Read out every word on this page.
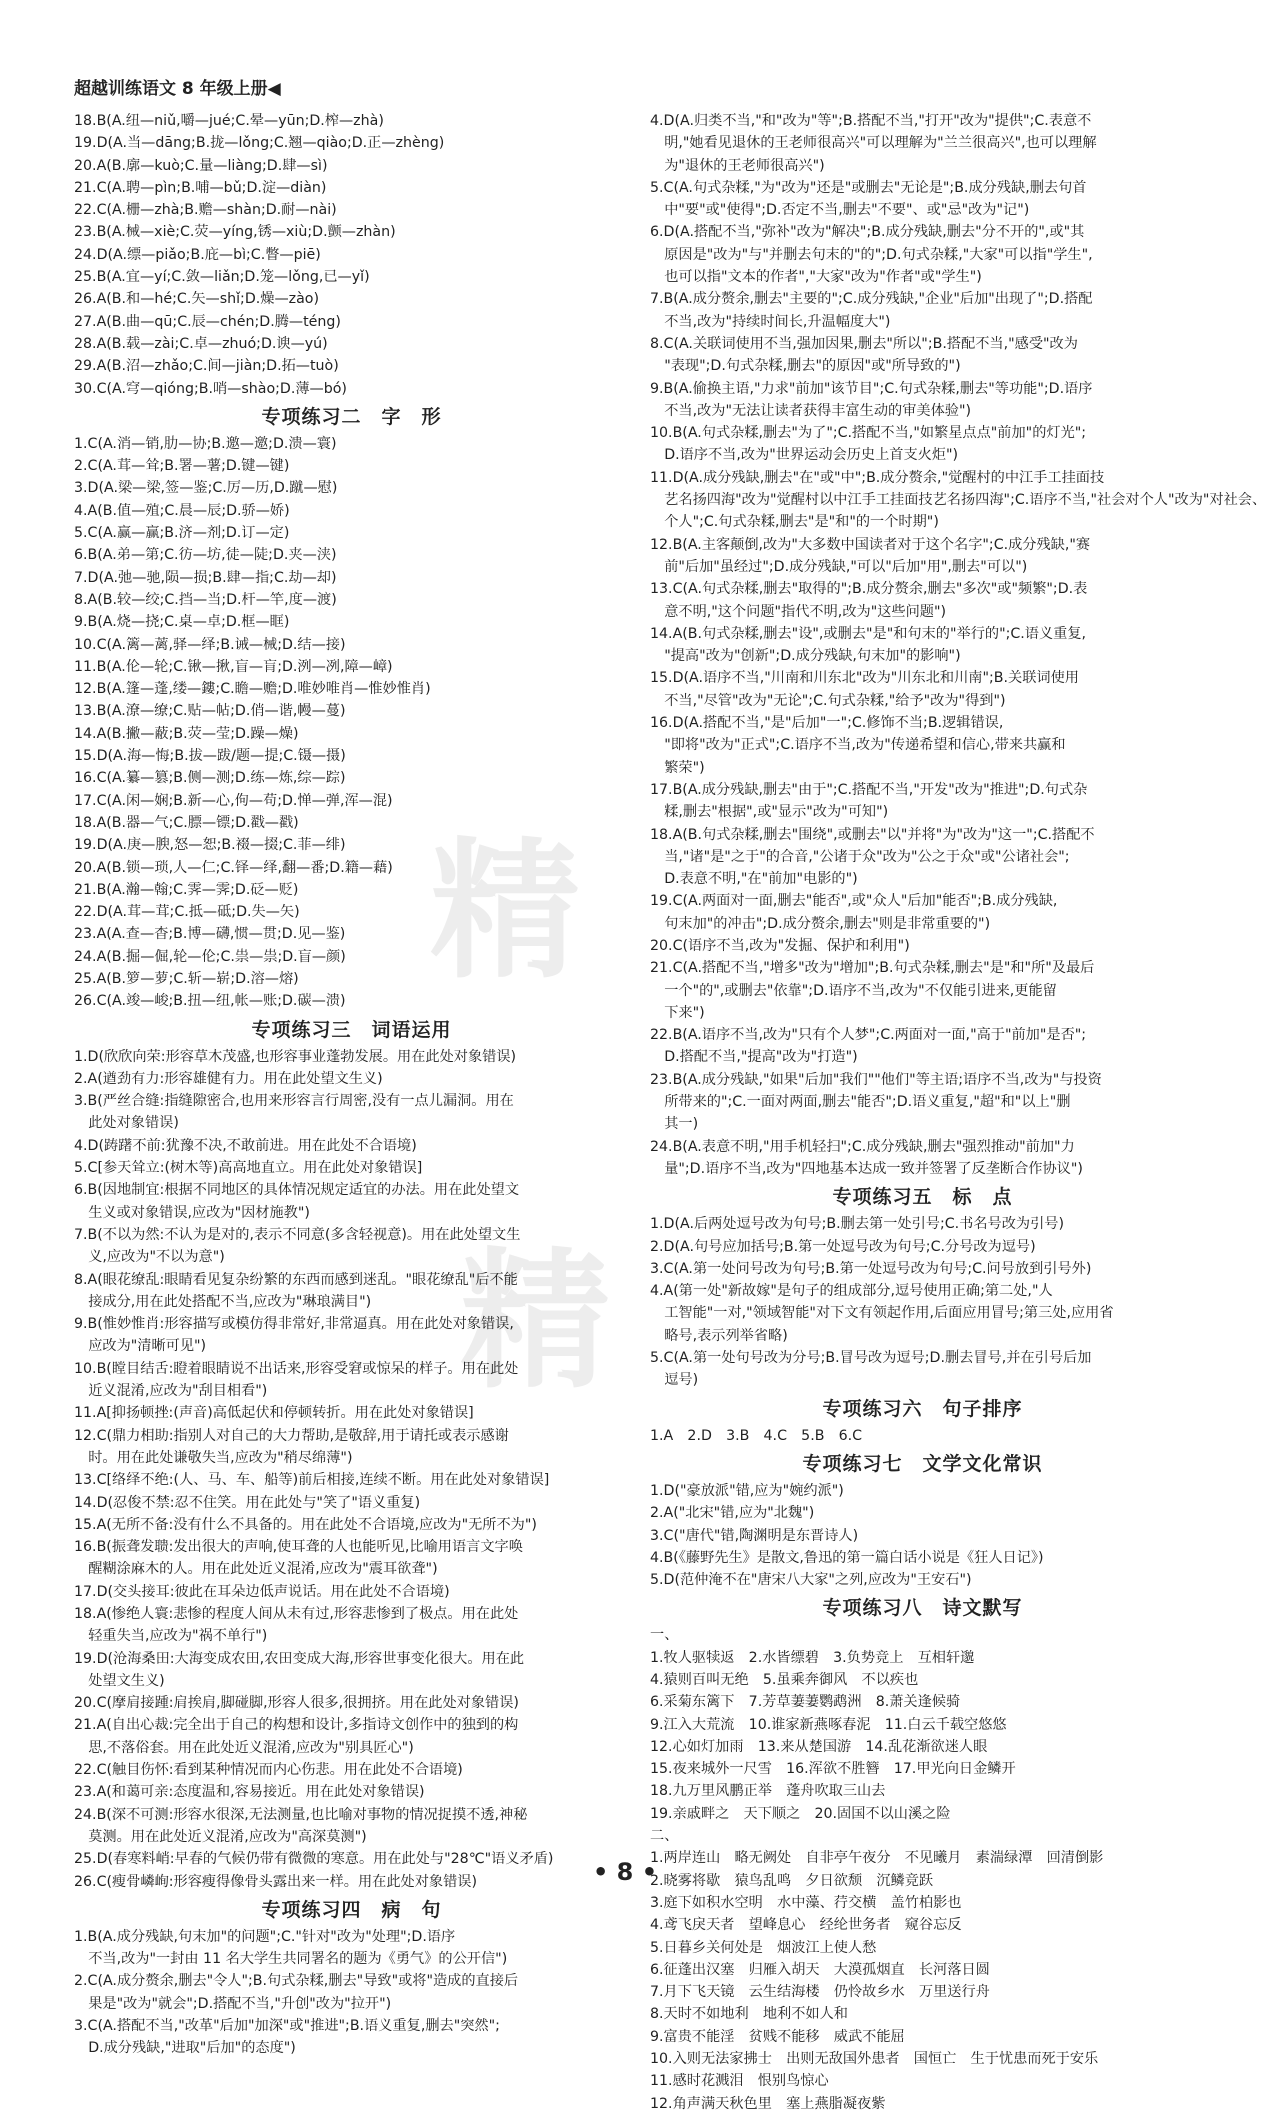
超越训练语文 8 年级上册◀
18.B(A.纽—niǔ,嚼—jué;C.晕—yūn;D.榨—zhà)
19.D(A.当—dāng;B.拢—lǒng;C.翘—qiào;D.正—zhèng)
20.A(B.廓—kuò;C.量—liàng;D.肆—sì)
21.C(A.聘—pìn;B.哺—bǔ;D.淀—diàn)
22.C(A.栅—zhà;B.赡—shàn;D.耐—nài)
23.B(A.械—xiè;C.荧—yíng,锈—xiù;D.颤—zhàn)
24.D(A.缥—piǎo;B.庇—bì;C.瞥—piē)
25.B(A.宜—yí;C.敛—liǎn;D.笼—lǒng,已—yǐ)
26.A(B.和—hé;C.矢—shǐ;D.燥—zào)
27.A(B.曲—qū;C.辰—chén;D.腾—téng)
28.A(B.载—zài;C.卓—zhuó;D.谀—yú)
29.A(B.沼—zhǎo;C.间—jiàn;D.拓—tuò)
30.C(A.穹—qióng;B.哨—shào;D.薄—bó)
专项练习二　字　形
1.C(A.消—销,肋—协;B.邀—邀;D.溃—寰)
2.C(A.茸—耸;B.署—薯;D.键—键)
3.D(A.梁—梁,签—鉴;C.厉—历,D.蹴—慰)
4.A(B.值—殖;C.晨—辰;D.骄—娇)
5.C(A.赢—赢;B.济—剂;D.订—定)
6.B(A.弟—第;C.彷—坊,徒—陡;D.夹—浃)
7.D(A.弛—驰,陨—损;B.肆—指;C.劫—却)
8.A(B.较—绞;C.挡—当;D.杆—竿,度—渡)
9.B(A.烧—挠;C.桌—卓;D.框—眶)
10.C(A.篱—蓠,驿—绎;B.诫—械;D.结—接)
11.B(A.伦—轮;C.锹—揪,盲—肓;D.洌—冽,障—嶂)
12.B(A.篷—蓬,缕—鏤;C.瞻—赡;D.唯妙唯肖—惟妙惟肖)
13.B(A.潦—缭;C.贴—帖;D.俏—谐,幔—蔓)
14.A(B.撇—蔽;B.荧—莹;D.躁—燥)
15.D(A.海—悔;B.拔—跋/题—提;C.镊—摄)
16.C(A.纂—篡;B.侧—测;D.练—炼,综—踪)
17.C(A.闲—娴;B.新—心,佝—苟;D.惮—弹,浑—混)
18.A(B.器—气;C.膘—镖;D.戳—戳)
19.D(A.庚—腴,怒—恕;B.裰—掇;C.菲—绯)
20.A(B.锁—琐,人—仁;C.铎—绎,翻—番;D.籍—藉)
21.B(A.瀚—翰;C.霁—霁;D.砭—贬)
22.D(A.茸—茸;C.抵—砥;D.失—矢)
23.A(A.查—杳;B.博—礴,惯—贯;D.见—鉴)
24.A(B.掘—倔,轮—伦;C.祟—祟;D.盲—颜)
25.A(B.箩—萝;C.斩—崭;D.溶—熔)
26.C(A.竣—峻;B.扭—纽,帐—账;D.碳—溃)
专项练习三　词语运用
1.D(欣欣向荣:形容草木茂盛,也形容事业蓬勃发展。用在此处对象错误)
2.A(遒劲有力:形容雄健有力。用在此处望文生义)
3.B(严丝合缝:指缝隙密合,也用来形容言行周密,没有一点儿漏洞。用在
　此处对象错误)
4.D(踌躇不前:犹豫不决,不敢前进。用在此处不合语境)
5.C[参天耸立:(树木等)高高地直立。用在此处对象错误]
6.B(因地制宜:根据不同地区的具体情况规定适宜的办法。用在此处望文
　生义或对象错误,应改为"因材施教")
7.B(不以为然:不认为是对的,表示不同意(多含轻视意)。用在此处望文生
　义,应改为"不以为意")
8.A(眼花缭乱:眼睛看见复杂纷繁的东西而感到迷乱。"眼花缭乱"后不能
　接成分,用在此处搭配不当,应改为"琳琅满目")
9.B(惟妙惟肖:形容描写或模仿得非常好,非常逼真。用在此处对象错误,
　应改为"清晰可见")
10.B(瞠目结舌:瞪着眼睛说不出话来,形容受窘或惊呆的样子。用在此处
　近义混淆,应改为"刮目相看")
11.A[抑扬顿挫:(声音)高低起伏和停顿转折。用在此处对象错误]
12.C(鼎力相助:指别人对自己的大力帮助,是敬辞,用于请托或表示感谢
　时。用在此处谦敬失当,应改为"稍尽绵薄")
13.C[络绎不绝:(人、马、车、船等)前后相接,连续不断。用在此处对象错误]
14.D(忍俊不禁:忍不住笑。用在此处与"笑了"语义重复)
15.A(无所不备:没有什么不具备的。用在此处不合语境,应改为"无所不为")
16.B(振聋发聩:发出很大的声响,使耳聋的人也能听见,比喻用语言文字唤
　醒糊涂麻木的人。用在此处近义混淆,应改为"震耳欲聋")
17.D(交头接耳:彼此在耳朵边低声说话。用在此处不合语境)
18.A(惨绝人寰:悲惨的程度人间从未有过,形容悲惨到了极点。用在此处
　轻重失当,应改为"祸不单行")
19.D(沧海桑田:大海变成农田,农田变成大海,形容世事变化很大。用在此
　处望文生义)
20.C(摩肩接踵:肩挨肩,脚碰脚,形容人很多,很拥挤。用在此处对象错误)
21.A(自出心裁:完全出于自己的构想和设计,多指诗文创作中的独到的构
　思,不落俗套。用在此处近义混淆,应改为"别具匠心")
22.C(触目伤怀:看到某种情况而内心伤悲。用在此处不合语境)
23.A(和蔼可亲:态度温和,容易接近。用在此处对象错误)
24.B(深不可测:形容水很深,无法测量,也比喻对事物的情况捉摸不透,神秘
　莫测。用在此处近义混淆,应改为"高深莫测")
25.D(春寒料峭:早春的气候仍带有微微的寒意。用在此处与"28℃"语义矛盾)
26.C(瘦骨嶙峋:形容瘦得像骨头露出来一样。用在此处对象错误)
专项练习四　病　句
1.B(A.成分残缺,句末加"的问题";C."针对"改为"处理";D.语序
　不当,改为"一封由 11 名大学生共同署名的题为《勇气》的公开信")
2.C(A.成分赘余,删去"令人";B.句式杂糅,删去"导致"或将"造成的直接后
　果是"改为"就会";D.搭配不当,"升创"改为"拉开")
3.C(A.搭配不当,"改革"后加"加深"或"推进";B.语义重复,删去"突然";
　D.成分残缺,"进取"后加"的态度")
4.D(A.归类不当,"和"改为"等";B.搭配不当,"打开"改为"提供";C.表意不
　明,"她看见退休的王老师很高兴"可以理解为"兰兰很高兴",也可以理解
　为"退休的王老师很高兴")
5.C(A.句式杂糅,"为"改为"还是"或删去"无论是";B.成分残缺,删去句首
　中"要"或"使得";D.否定不当,删去"不要"、或"忌"改为"记")
6.D(A.搭配不当,"弥补"改为"解决";B.成分残缺,删去"分不开的",或"其
　原因是"改为"与"并删去句末的"的";D.句式杂糅,"大家"可以指"学生",
　也可以指"文本的作者","大家"改为"作者"或"学生")
7.B(A.成分赘余,删去"主要的";C.成分残缺,"企业"后加"出现了";D.搭配
　不当,改为"持续时间长,升温幅度大")
8.C(A.关联词使用不当,强加因果,删去"所以";B.搭配不当,"感受"改为
　"表现";D.句式杂糅,删去"的原因"或"所导致的")
9.B(A.偷换主语,"力求"前加"该节目";C.句式杂糅,删去"等功能";D.语序
　不当,改为"无法让读者获得丰富生动的审美体验")
10.B(A.句式杂糅,删去"为了";C.搭配不当,"如繁星点点"前加"的灯光";
　D.语序不当,改为"世界运动会历史上首支火炬")
11.D(A.成分残缺,删去"在"或"中";B.成分赘余,"觉醒村的中江手工挂面技
　艺名扬四海"改为"觉醒村以中江手工挂面技艺名扬四海";C.语序不当,"社会对个人"改为"对社会、
　个人";C.句式杂糅,删去"是"和"的一个时期")
12.B(A.主客颠倒,改为"大多数中国读者对于这个名字";C.成分残缺,"赛
　前"后加"虽经过";D.成分残缺,"可以"后加"用",删去"可以")
13.C(A.句式杂糅,删去"取得的";B.成分赘余,删去"多次"或"频繁";D.表
　意不明,"这个问题"指代不明,改为"这些问题")
14.A(B.句式杂糅,删去"设",或删去"是"和句末的"举行的";C.语义重复,
　"提高"改为"创新";D.成分残缺,句末加"的影响")
15.D(A.语序不当,"川南和川东北"改为"川东北和川南";B.关联词使用
　不当,"尽管"改为"无论";C.句式杂糅,"给予"改为"得到")
16.D(A.搭配不当,"是"后加"一";C.修饰不当;B.逻辑错误,
　"即将"改为"正式";C.语序不当,改为"传递希望和信心,带来共赢和
　繁荣")
17.B(A.成分残缺,删去"由于";C.搭配不当,"开发"改为"推进";D.句式杂
　糅,删去"根据",或"显示"改为"可知")
18.A(B.句式杂糅,删去"围绕",或删去"以"并将"为"改为"这一";C.搭配不
　当,"诸"是"之于"的合音,"公诸于众"改为"公之于众"或"公诸社会";
　D.表意不明,"在"前加"电影的")
19.C(A.两面对一面,删去"能否",或"众人"后加"能否";B.成分残缺,
　句末加"的冲击";D.成分赘余,删去"则是非常重要的")
20.C(语序不当,改为"发掘、保护和利用")
21.C(A.搭配不当,"增多"改为"增加";B.句式杂糅,删去"是"和"所"及最后
　一个"的",或删去"依靠";D.语序不当,改为"不仅能引进来,更能留
　下来")
22.B(A.语序不当,改为"只有个人梦";C.两面对一面,"高于"前加"是否";
　D.搭配不当,"提高"改为"打造")
23.B(A.成分残缺,"如果"后加"我们""他们"等主语;语序不当,改为"与投资
　所带来的";C.一面对两面,删去"能否";D.语义重复,"超"和"以上"删
　其一)
24.B(A.表意不明,"用手机轻扫";C.成分残缺,删去"强烈推动"前加"力
　量";D.语序不当,改为"四地基本达成一致并签署了反垄断合作协议")
专项练习五　标　点
1.D(A.后两处逗号改为句号;B.删去第一处引号;C.书名号改为引号)
2.D(A.句号应加括号;B.第一处逗号改为句号;C.分号改为逗号)
3.C(A.第一处问号改为句号;B.第一处逗号改为句号;C.问号放到引号外)
4.A(第一处"新故嫁"是句子的组成部分,逗号使用正确;第二处,"人
　工智能"一对,"领域智能"对下文有领起作用,后面应用冒号;第三处,应用省
　略号,表示列举省略)
5.C(A.第一处句号改为分号;B.冒号改为逗号;D.删去冒号,并在引号后加
　逗号)
专项练习六　句子排序
1.A　2.D　3.B　4.C　5.B　6.C
专项练习七　文学文化常识
1.D("豪放派"错,应为"婉约派")
2.A("北宋"错,应为"北魏")
3.C("唐代"错,陶渊明是东晋诗人)
4.B(《藤野先生》是散文,鲁迅的第一篇白话小说是《狂人日记》)
5.D(范仲淹不在"唐宋八大家"之列,应改为"王安石")
专项练习八　诗文默写
一、
1.牧人驱犊返　2.水皆缥碧　3.负势竞上　互相轩邈
4.猿则百叫无绝　5.虽乘奔御风　不以疾也
6.采菊东篱下　7.芳草萋萋鹦鹉洲　8.萧关逢候骑
9.江入大荒流　10.谁家新燕啄春泥　11.白云千载空悠悠
12.心如灯加雨　13.来从楚国游　14.乱花渐欲迷人眼
15.夜来城外一尺雪　16.浑欲不胜簪　17.甲光向日金鳞开
18.九万里风鹏正举　蓬舟吹取三山去
19.亲戚畔之　天下顺之　20.固国不以山溪之险
二、
1.两岸连山　略无阙处　自非亭午夜分　不见曦月　素湍绿潭　回清倒影
2.晓雾将歇　猿鸟乱鸣　夕日欲颓　沉鳞竞跃
3.庭下如积水空明　水中藻、荇交横　盖竹柏影也
4.鸢飞戾天者　望峰息心　经纶世务者　窥谷忘反
5.日暮乡关何处是　烟波江上使人愁
6.征蓬出汉塞　归雁入胡天　大漠孤烟直　长河落日圆
7.月下飞天镜　云生结海楼　仍怜故乡水　万里送行舟
8.天时不如地利　地利不如人和
9.富贵不能淫　贫贱不能移　威武不能屈
10.入则无法家拂士　出则无敌国外患者　国恒亡　生于忧患而死于安乐
11.感时花溅泪　恨别鸟惊心
12.角声满天秋色里　塞上燕脂凝夜紫
精
精
• 8 •
